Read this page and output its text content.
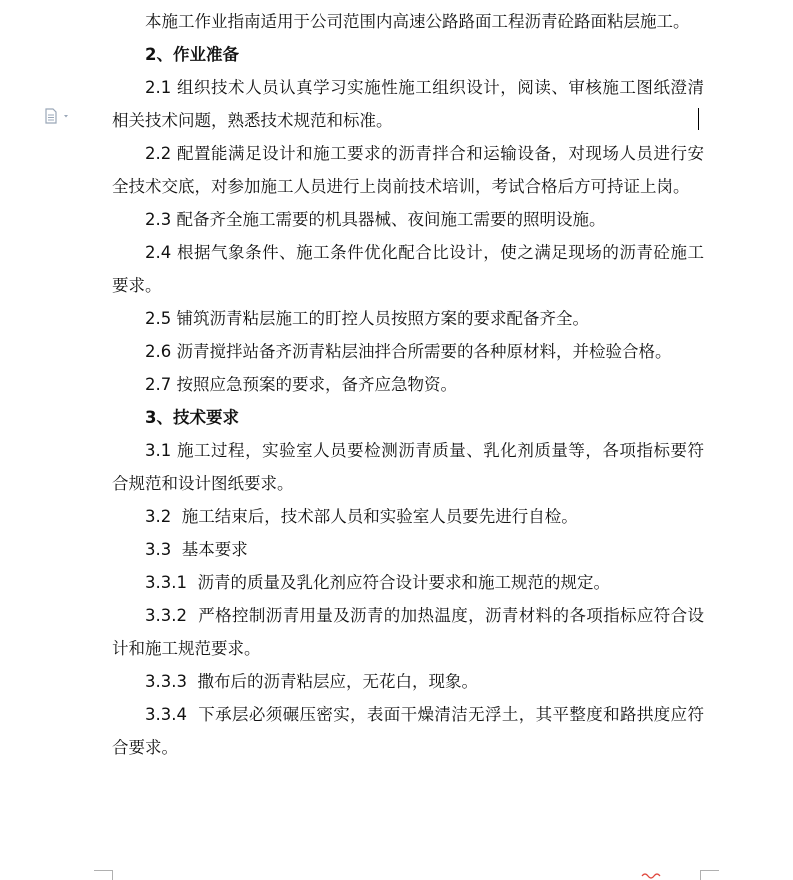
本施工作业指南适用于公司范围内高速公路路面工程沥青砼路面粘层施工。

2、作业准备

2.1 组织技术人员认真学习实施性施工组织设计，阅读、审核施工图纸澄清相关技术问题，熟悉技术规范和标准。

2.2 配置能满足设计和施工要求的沥青拌合和运输设备，对现场人员进行安全技术交底，对参加施工人员进行上岗前技术培训，考试合格后方可持证上岗。

2.3 配备齐全施工需要的机具器械、夜间施工需要的照明设施。

2.4 根据气象条件、施工条件优化配合比设计，使之满足现场的沥青砼施工要求。

2.5 铺筑沥青粘层施工的盯控人员按照方案的要求配备齐全。

2.6 沥青搅拌站备齐沥青粘层油拌合所需要的各种原材料，并检验合格。

2.7 按照应急预案的要求，备齐应急物资。

3、技术要求

3.1 施工过程，实验室人员要检测沥青质量、乳化剂质量等，各项指标要符合规范和设计图纸要求。

3.2  施工结束后，技术部人员和实验室人员要先进行自检。

3.3  基本要求

3.3.1  沥青的质量及乳化剂应符合设计要求和施工规范的规定。

3.3.2  严格控制沥青用量及沥青的加热温度，沥青材料的各项指标应符合设计和施工规范要求。

3.3.3  撒布后的沥青粘层应，无花白，现象。

3.3.4  下承层必须碾压密实，表面干燥清洁无浮土，其平整度和路拱度应符合要求。
